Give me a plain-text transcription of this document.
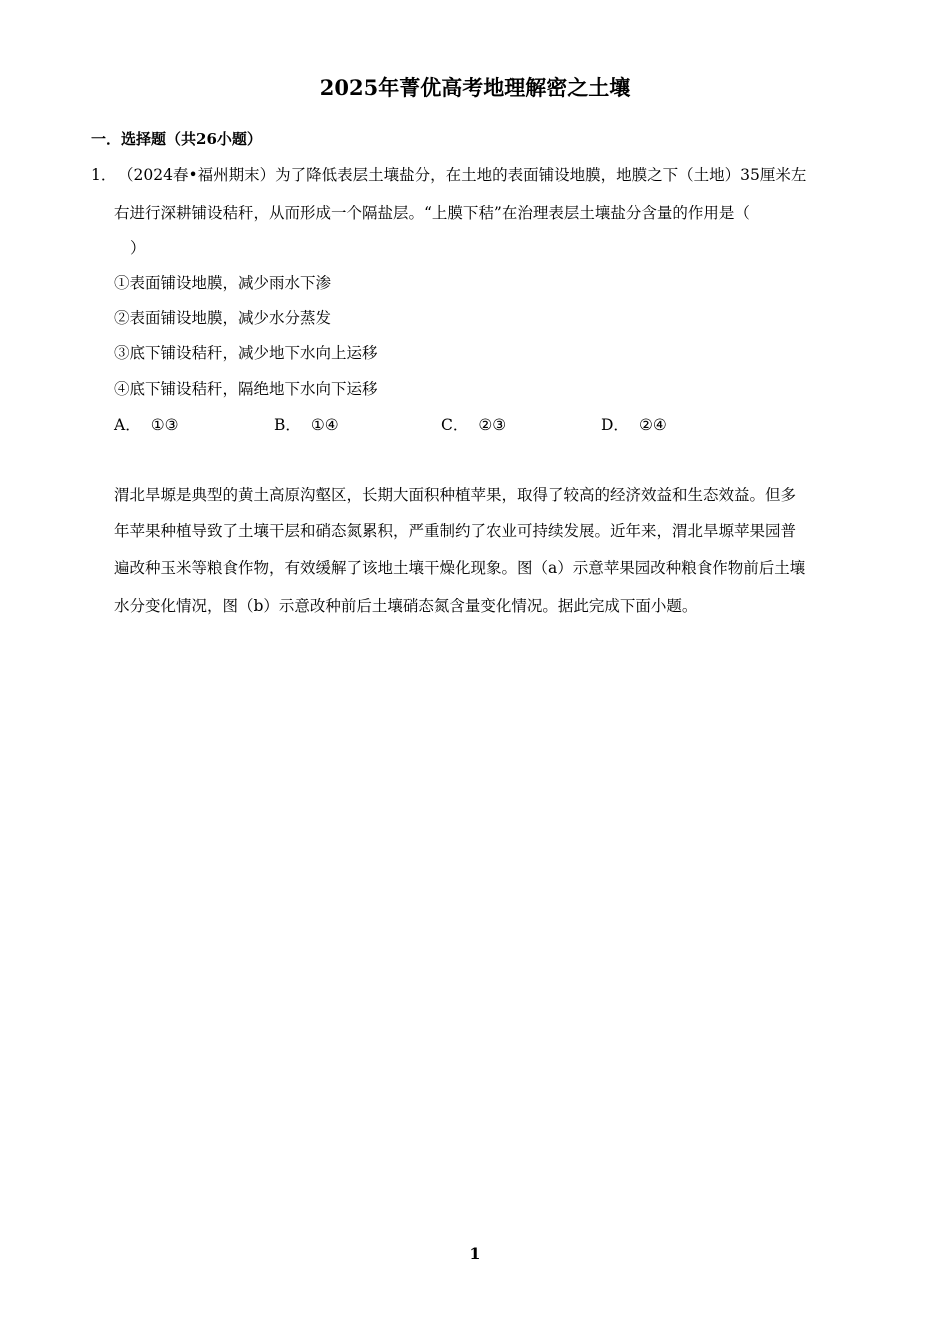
2025年菁优高考地理解密之土壤
一．选择题（共26小题）
1． （2024春•福州期末）为了降低表层土壤盐分，在土地的表面铺设地膜，地膜之下（土地）35厘米左
右进行深耕铺设秸秆，从而形成一个隔盐层。“上膜下秸”在治理表层土壤盐分含量的作用是（
）
①表面铺设地膜，减少雨水下渗
②表面铺设地膜，减少水分蒸发
③底下铺设秸秆，减少地下水向上运移
④底下铺设秸秆，隔绝地下水向下运移
A． ①③	B． ①④	C． ②③	D． ②④
渭北旱塬是典型的黄土高原沟壑区，长期大面积种植苹果，取得了较高的经济效益和生态效益。但多
年苹果种植导致了土壤干层和硝态氮累积，严重制约了农业可持续发展。近年来，渭北旱塬苹果园普
遍改种玉米等粮食作物，有效缓解了该地土壤干燥化现象。图（a）示意苹果园改种粮食作物前后土壤
水分变化情况，图（b）示意改种前后土壤硝态氮含量变化情况。据此完成下面小题。
1
